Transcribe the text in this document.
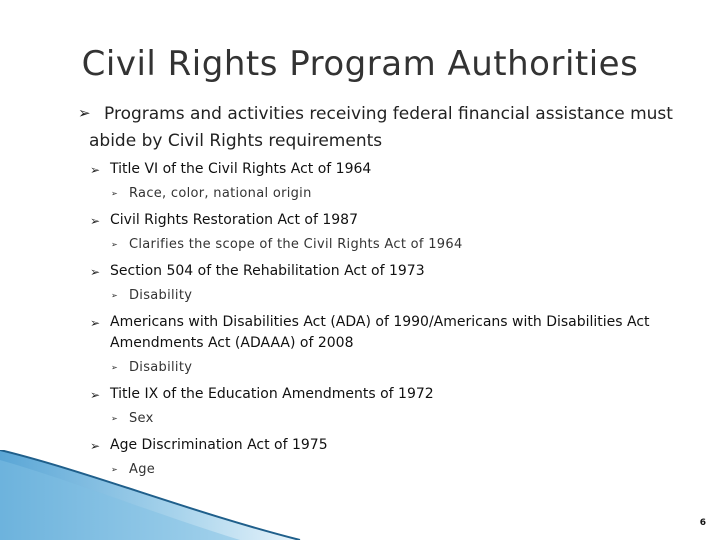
Civil Rights Program Authorities
➢ Programs and activities receiving federal financial assistance must
abide by Civil Rights requirements
➢ Title VI of the Civil Rights Act of 1964
➢ Race, color, national origin
➢ Civil Rights Restoration Act of 1987
➢ Clarifies the scope of the Civil Rights Act of 1964
➢ Section 504 of the Rehabilitation Act of 1973
➢ Disability
➢ Americans with Disabilities Act (ADA) of 1990/Americans with Disabilities Act
Amendments Act (ADAAA) of 2008
➢ Disability
➢ Title IX of the Education Amendments of 1972
➢ Sex
➢ Age Discrimination Act of 1975
➢ Age
6
